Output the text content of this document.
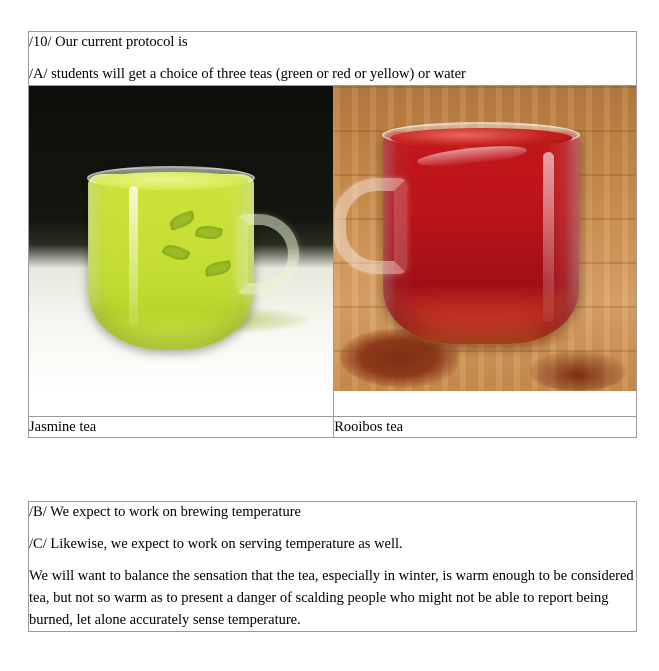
/10/ Our current protocol is

/A/ students will get a choice of three teas (green or red or yellow) or water	

Jasmine tea	Rooibos tea

/B/ We expect to work on brewing temperature

/C/ Likewise, we expect to work on serving temperature as well.

We will want to balance the sensation that the tea, especially in winter, is warm enough to be considered tea, but not so warm as to present a danger of scalding people who might not be able to report being burned, let alone accurately sense temperature.
